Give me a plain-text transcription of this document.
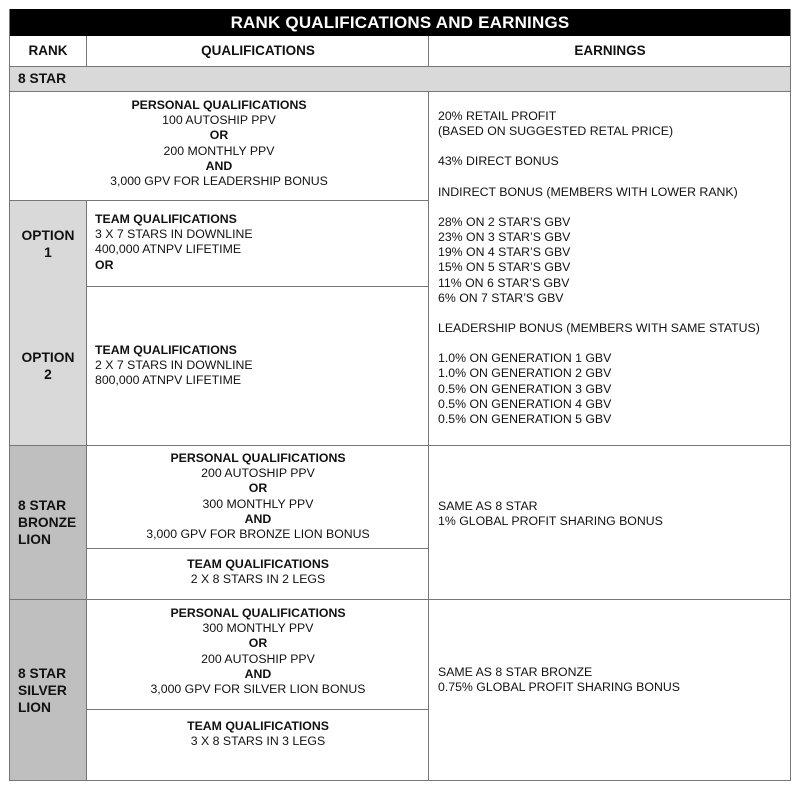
RANK QUALIFICATIONS AND EARNINGS
RANK	QUALIFICATIONS	EARNINGS
8 STAR

PERSONAL QUALIFICATIONS

100 AUTOSHIP PPV

OR

200 MONTHLY PPV

AND

3,000 GPV FOR LEADERSHIP BONUS

OPTION
1

TEAM QUALIFICATIONS

3 X 7 STARS IN DOWNLINE

400,000 ATNPV LIFETIME

OR

OPTION
2

TEAM QUALIFICATIONS

2 X 7 STARS IN DOWNLINE

800,000 ATNPV LIFETIME

20% RETAIL PROFIT

(BASED ON SUGGESTED RETAL PRICE)

43% DIRECT BONUS

INDIRECT BONUS (MEMBERS WITH LOWER RANK)

28% ON 2 STAR’S GBV

23% ON 3 STAR’S GBV

19% ON 4 STAR’S GBV

15% ON 5 STAR’S GBV

11% ON 6 STAR’S GBV

6% ON 7 STAR’S GBV

LEADERSHIP BONUS (MEMBERS WITH SAME STATUS)

1.0% ON GENERATION 1 GBV

1.0% ON GENERATION 2 GBV

0.5% ON GENERATION 3 GBV

0.5% ON GENERATION 4 GBV

0.5% ON GENERATION 5 GBV

8 STAR
BRONZE
LION

PERSONAL QUALIFICATIONS

200 AUTOSHIP PPV

OR

300 MONTHLY PPV

AND

3,000 GPV FOR BRONZE LION BONUS

TEAM QUALIFICATIONS

2 X 8 STARS IN 2 LEGS

SAME AS 8 STAR

1% GLOBAL PROFIT SHARING BONUS

8 STAR
SILVER
LION

PERSONAL QUALIFICATIONS

300 MONTHLY PPV

OR

200 AUTOSHIP PPV

AND

3,000 GPV FOR SILVER LION BONUS

TEAM QUALIFICATIONS

3 X 8 STARS IN 3 LEGS

SAME AS 8 STAR BRONZE

0.75% GLOBAL PROFIT SHARING BONUS
